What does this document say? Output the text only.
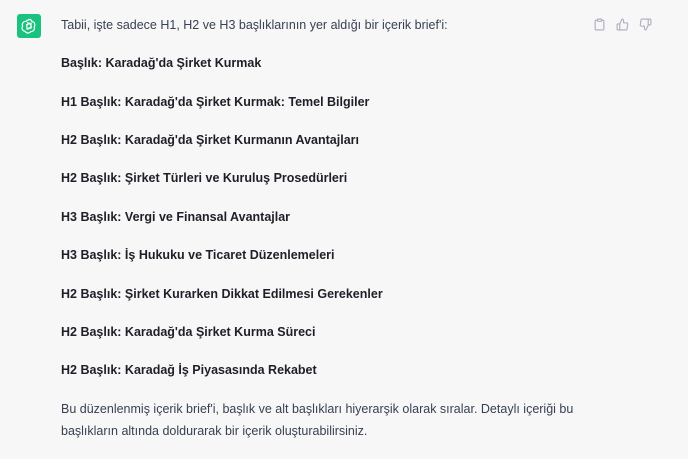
Tabii, işte sadece H1, H2 ve H3 başlıklarının yer aldığı bir içerik brief'i:

Başlık: Karadağ'da Şirket Kurmak
H1 Başlık: Karadağ'da Şirket Kurmak: Temel Bilgiler
H2 Başlık: Karadağ'da Şirket Kurmanın Avantajları
H2 Başlık: Şirket Türleri ve Kuruluş Prosedürleri
H3 Başlık: Vergi ve Finansal Avantajlar
H3 Başlık: İş Hukuku ve Ticaret Düzenlemeleri
H2 Başlık: Şirket Kurarken Dikkat Edilmesi Gerekenler
H2 Başlık: Karadağ'da Şirket Kurma Süreci
H2 Başlık: Karadağ İş Piyasasında Rekabet

Bu düzenlenmiş içerik brief'i, başlık ve alt başlıkları hiyerarşik olarak sıralar. Detaylı içeriği bu başlıkların altında doldurarak bir içerik oluşturabilirsiniz.
